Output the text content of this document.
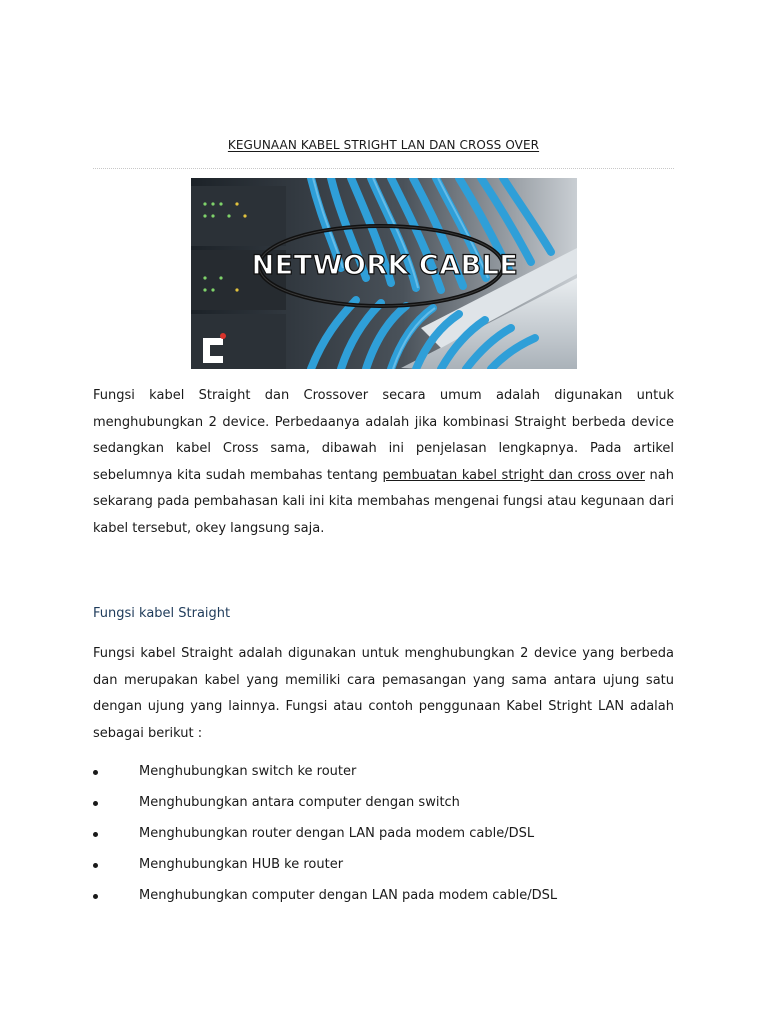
KEGUNAAN KABEL STRIGHT LAN DAN CROSS OVER
NETWORK CABLE
Fungsi kabel Straight dan Crossover secara umum adalah digunakan untuk menghubungkan 2 device. Perbedaanya adalah jika kombinasi Straight berbeda device sedangkan kabel Cross sama, dibawah ini penjelasan lengkapnya. Pada artikel sebelumnya kita sudah membahas tentang pembuatan kabel stright dan cross over nah sekarang pada pembahasan kali ini kita membahas mengenai fungsi atau kegunaan dari kabel tersebut, okey langsung saja.
Fungsi kabel Straight
Fungsi kabel Straight adalah digunakan untuk menghubungkan 2 device yang berbeda dan merupakan kabel yang memiliki cara pemasangan yang sama antara ujung satu dengan ujung yang lainnya. Fungsi atau contoh penggunaan Kabel Stright LAN adalah sebagai berikut :
Menghubungkan switch ke router
Menghubungkan antara computer dengan switch
Menghubungkan router dengan LAN pada modem cable/DSL
Menghubungkan HUB ke router
Menghubungkan computer dengan LAN pada modem cable/DSL
